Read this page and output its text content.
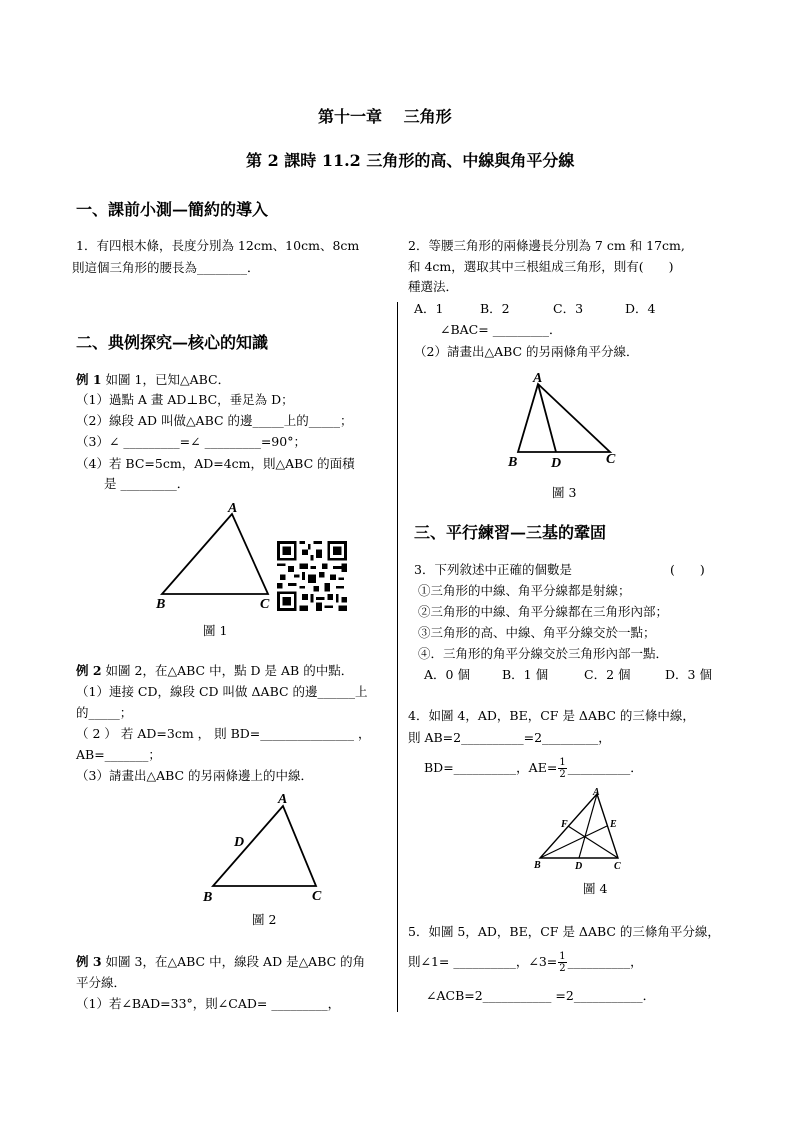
第十一章　 三角形
第 2 課時 11.2 三角形的高、中線與角平分線
一、課前小測—簡約的導入
1．有四根木條，長度分別為 12cm、10cm、8cm
則這個三角形的腰長為________．
2．等腰三角形的兩條邊長分別為 7 cm 和 17cm,
和 4cm，選取其中三根組成三角形，則有(　　)
種選法．
A．1	B．2	C．3	D．4
二、典例探究—核心的知識
例 1 如圖 1，已知△ABC．
（1）過點 A 畫 AD⊥BC，垂足為 D；
（2）線段 AD 叫做△ABC 的邊_____上的_____；
（3）∠ _________=∠ _________=90°；
（4）若 BC=5cm，AD=4cm，則△ABC 的面積
是 _________．
A
B	C
圖 1
例 2 如圖 2，在△ABC 中，點 D 是 AB 的中點．
（1）連接 CD，線段 CD 叫做 ΔABC 的邊______上
的_____；
（ 2 ） 若 AD=3cm ， 則 BD=_______________ ，
AB=_______；
（3）請畫出△ABC 的另兩條邊上的中線．
A
D
B	C
圖 2
例 3 如圖 3，在△ABC 中，線段 AD 是△ABC 的角
平分線．
（1）若∠BAD=33°，則∠CAD= _________，
∠BAC= _________．
（2）請畫出△ABC 的另兩條角平分線．
A
B D	C
圖 3
三、平行練習—三基的鞏固
3．下列敘述中正確的個數是	(　　)
①三角形的中線、角平分線都是射線；
②三角形的中線、角平分線都在三角形內部；
③三角形的高、中線、角平分線交於一點；
④．三角形的角平分線交於三角形內部一點．
A．0 個	B．1 個	C．2 個	D．3 個
4．如圖 4，AD，BE，CF 是 ΔABC 的三條中線，
則 AB=2__________=2_________，
BD=__________，$AE= \frac{1}{2}$ __________．
A
F	E
B	D	C
圖 4
5．如圖 5，AD，BE，CF 是 ΔABC 的三條角平分線，
則∠1= __________，∠3= $\frac{1}{2}$ __________，
∠ACB=2___________ =2___________．
